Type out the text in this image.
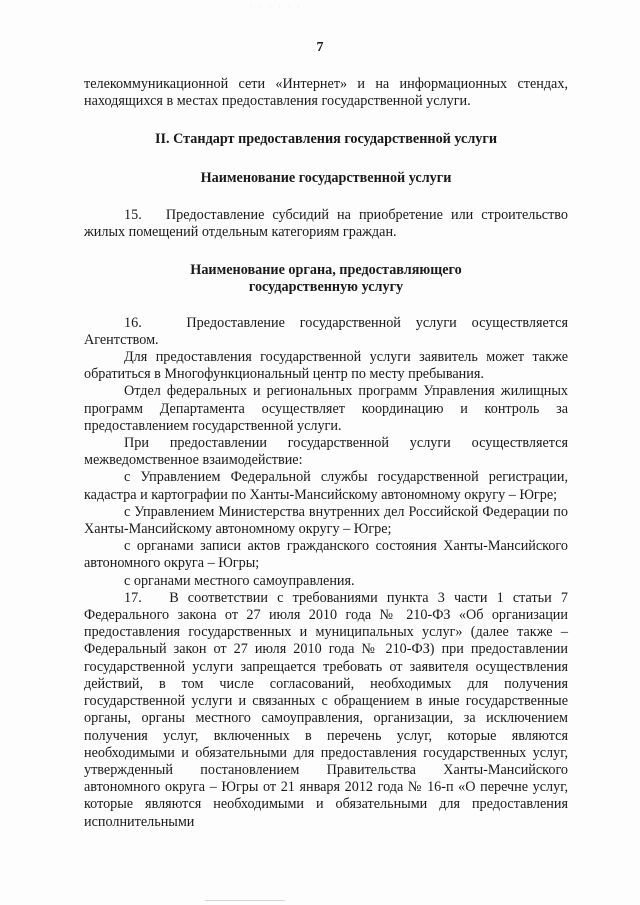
· · · · · ·
7

телекоммуникационной сети «Интернет» и на информационных стендах, находящихся в местах предоставления государственной услуги.

II. Стандарт предоставления государственной услуги

Наименование государственной услуги

15.   Предоставление субсидий на приобретение или строительство жилых помещений отдельным категориям граждан.

Наименование органа, предоставляющего

государственную услугу

16.   Предоставление государственной услуги осуществляется Агентством.

Для предоставления государственной услуги заявитель может также обратиться в Многофункциональный центр по месту пребывания.

Отдел федеральных и региональных программ Управления жилищных программ Департамента осуществляет координацию и контроль за предоставлением государственной услуги.

При предоставлении государственной услуги осуществляется межведомственное взаимодействие:

с Управлением Федеральной службы государственной регистрации, кадастра и картографии по Ханты-Мансийскому автономному округу – Югре;

с Управлением Министерства внутренних дел Российской Федерации по Ханты-Мансийскому автономному округу – Югре;

с органами записи актов гражданского состояния Ханты-Мансийского автономного округа – Югры;

с органами местного самоуправления.

17.   В соответствии с требованиями пункта 3 части 1 статьи 7 Федерального закона от 27 июля 2010 года № 210-ФЗ «Об организации предоставления государственных и муниципальных услуг» (далее также – Федеральный закон от 27 июля 2010 года № 210-ФЗ) при предоставлении государственной услуги запрещается требовать от заявителя осуществления действий, в том числе согласований, необходимых для получения государственной услуги и связанных с обращением в иные государственные органы, органы местного самоуправления, организации, за исключением получения услуг, включенных в перечень услуг, которые являются необходимыми и обязательными для предоставления государственных услуг, утвержденный постановлением Правительства Ханты-Мансийского автономного округа – Югры от 21 января 2012 года № 16-п «О перечне услуг, которые являются необходимыми и обязательными для предоставления исполнительными
